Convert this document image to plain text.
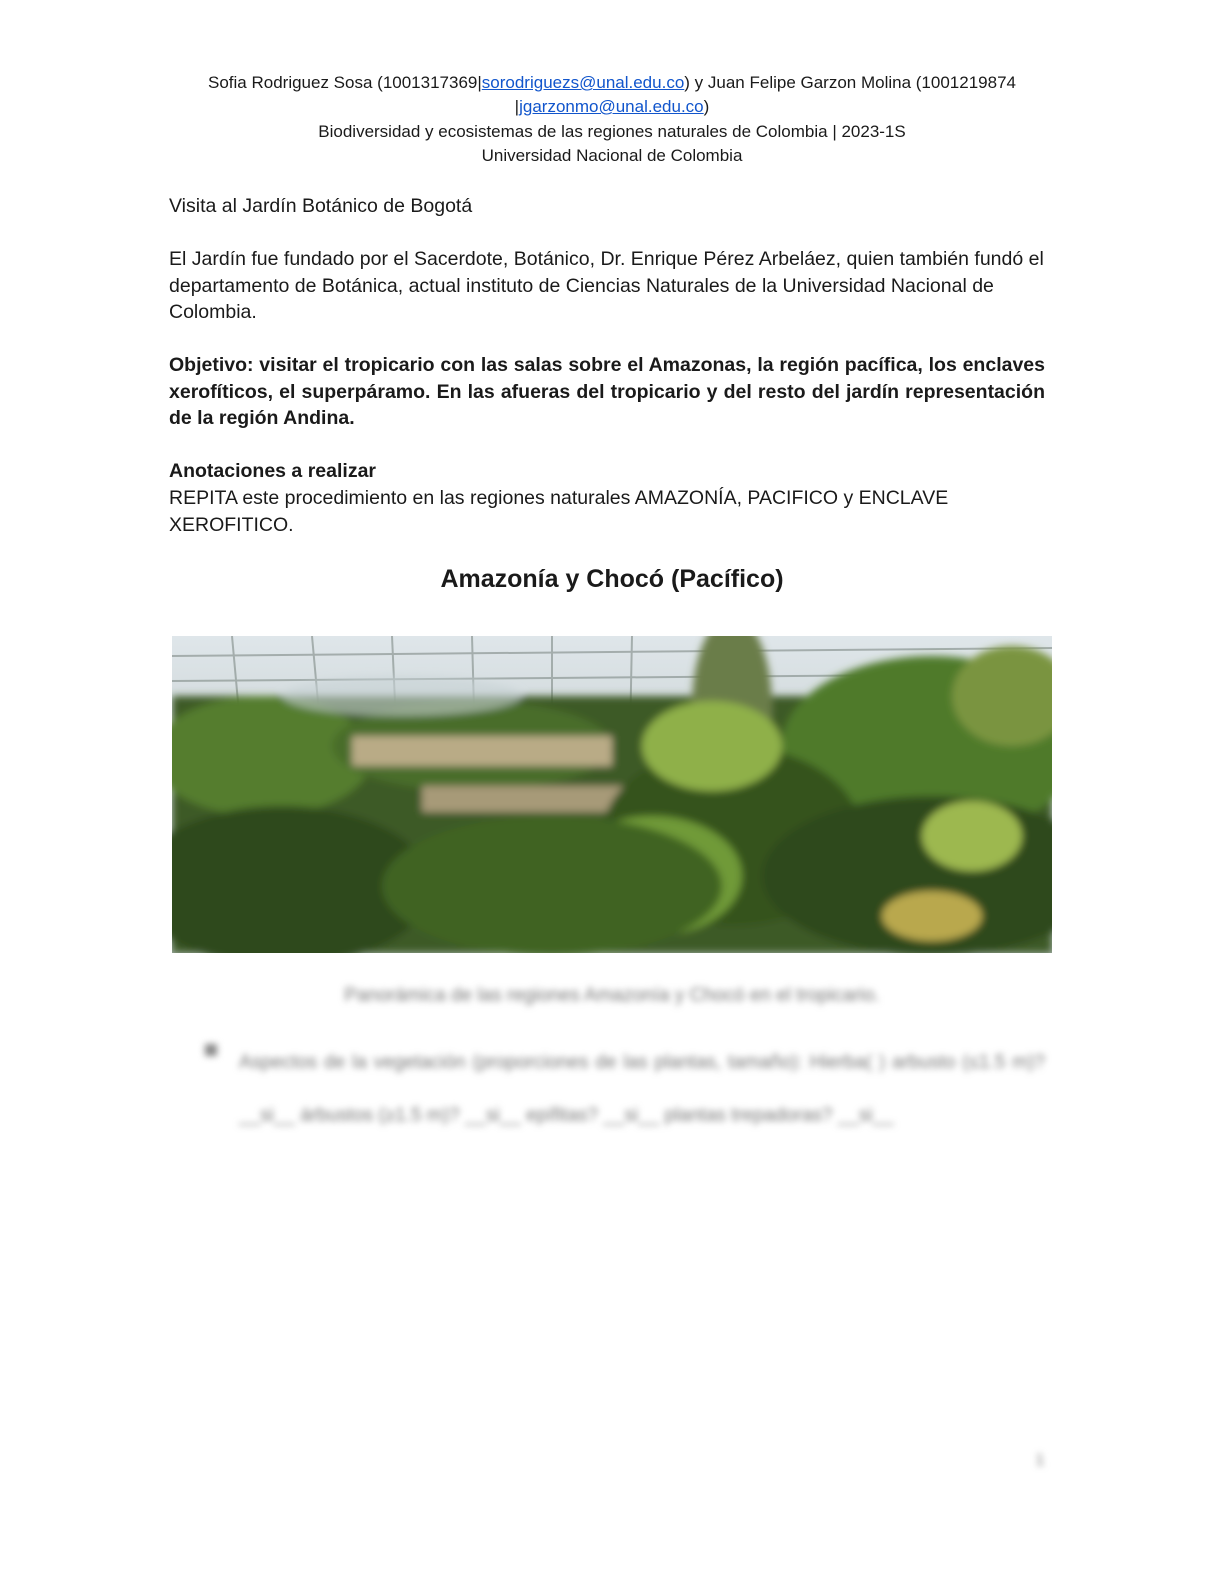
Sofia Rodriguez Sosa (1001317369|sorodriguezs@unal.edu.co) y Juan Felipe Garzon Molina (1001219874
|jgarzonmo@unal.edu.co)
Biodiversidad y ecosistemas de las regiones naturales de Colombia | 2023-1S
Universidad Nacional de Colombia
Visita al Jardín Botánico de Bogotá
El Jardín fue fundado por el Sacerdote, Botánico, Dr. Enrique Pérez Arbeláez, quien también fundó el departamento de Botánica, actual instituto de Ciencias Naturales de la Universidad Nacional de Colombia.
Objetivo: visitar el tropicario con las salas sobre el Amazonas, la región pacífica, los enclaves xerofíticos, el superpáramo. En las afueras del tropicario y del resto del jardín representación de la región Andina.
Anotaciones a realizar
REPITA este procedimiento en las regiones naturales AMAZONÍA, PACIFICO y ENCLAVE XEROFITICO.
Amazonía y Chocó (Pacífico)
Panorámica de las regiones Amazonía y Chocó en el tropicario.
Aspectos de la vegetación (proporciones de las plantas, tamaño): Hierba( ) arbusto (≤1.5 m)? __si__ árbustos (≥1.5 m)? __si__ epífitas? __si__ plantas trepadoras? __si__
1
